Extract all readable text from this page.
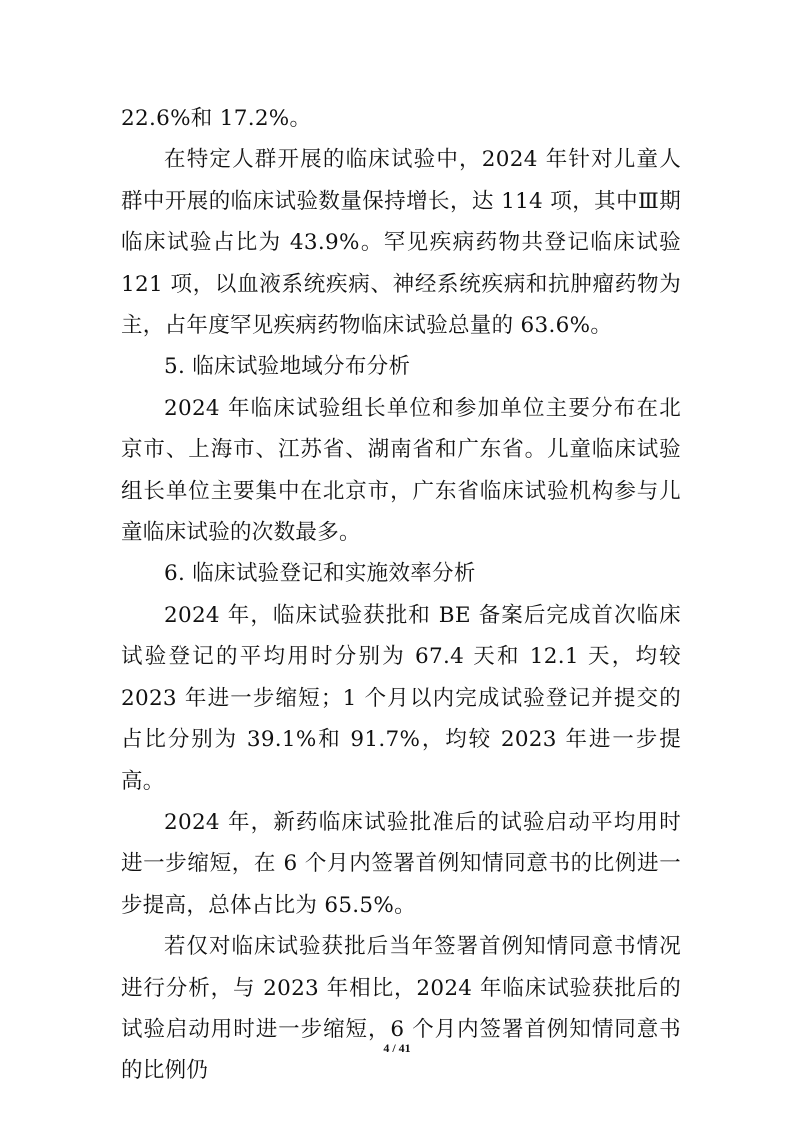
22.6%和 17.2%。

在特定人群开展的临床试验中，2024 年针对儿童人群中开展的临床试验数量保持增长，达 114 项，其中Ⅲ期临床试验占比为 43.9%。罕见疾病药物共登记临床试验 121 项，以血液系统疾病、神经系统疾病和抗肿瘤药物为主，占年度罕见疾病药物临床试验总量的 63.6%。

5. 临床试验地域分布分析

2024 年临床试验组长单位和参加单位主要分布在北京市、上海市、江苏省、湖南省和广东省。儿童临床试验组长单位主要集中在北京市，广东省临床试验机构参与儿童临床试验的次数最多。

6. 临床试验登记和实施效率分析

2024 年，临床试验获批和 BE 备案后完成首次临床试验登记的平均用时分别为 67.4 天和 12.1 天，均较 2023 年进一步缩短；1 个月以内完成试验登记并提交的占比分别为 39.1%和 91.7%，均较 2023 年进一步提高。

2024 年，新药临床试验批准后的试验启动平均用时进一步缩短，在 6 个月内签署首例知情同意书的比例进一步提高，总体占比为 65.5%。

若仅对临床试验获批后当年签署首例知情同意书情况进行分析，与 2023 年相比，2024 年临床试验获批后的试验启动用时进一步缩短，6 个月内签署首例知情同意书的比例仍

4 / 41
